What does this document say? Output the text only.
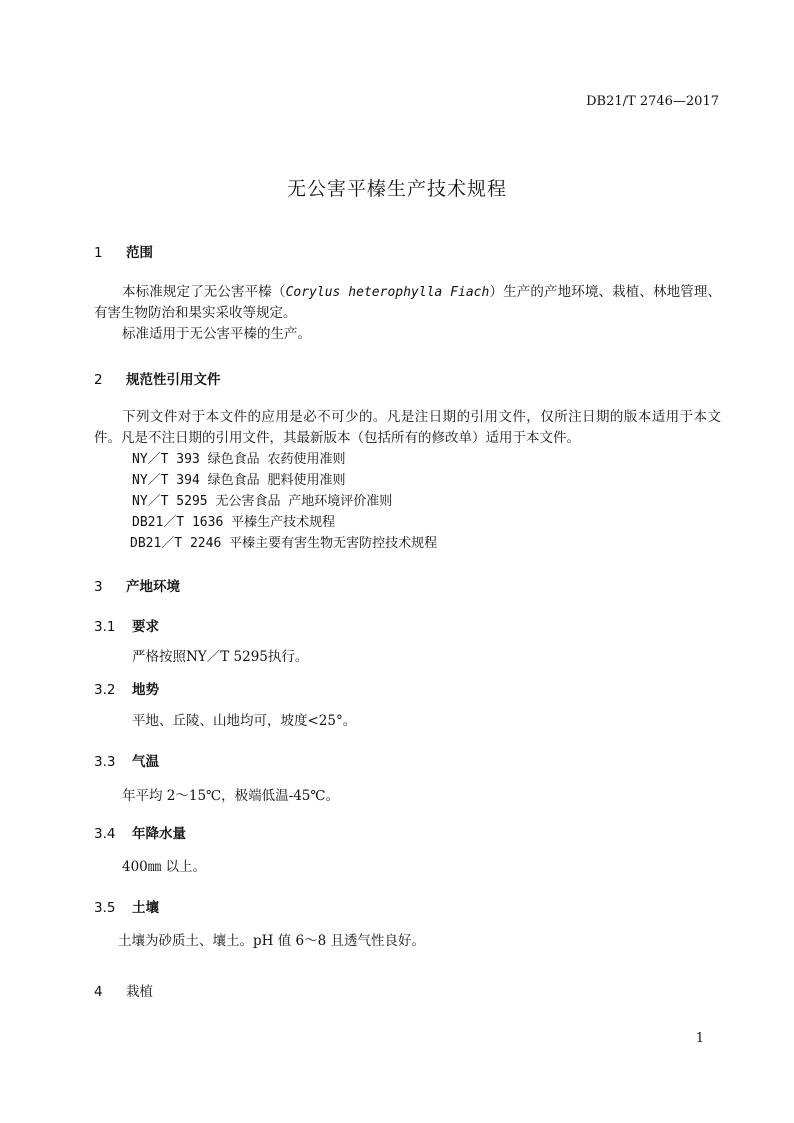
DB21/T 2746—2017
无公害平榛生产技术规程
1 范围
本标准规定了无公害平榛（Corylus heterophylla Fiach）生产的产地环境、栽植、林地管理、有害生物防治和果实采收等规定。
标准适用于无公害平榛的生产。
2 规范性引用文件
下列文件对于本文件的应用是必不可少的。凡是注日期的引用文件，仅所注日期的版本适用于本文件。凡是不注日期的引用文件，其最新版本（包括所有的修改单）适用于本文件。
NY／T 393 绿色食品 农药使用准则
NY／T 394 绿色食品 肥料使用准则
NY／T 5295 无公害食品 产地环境评价准则
DB21／T 1636 平榛生产技术规程
DB21／T 2246 平榛主要有害生物无害防控技术规程
3 产地环境
3.1 要求
严格按照NY／T 5295执行。
3.2 地势
平地、丘陵、山地均可，坡度<25°。
3.3 气温
年平均 2～15℃，极端低温-45℃。
3.4 年降水量
400㎜ 以上。
3.5 土壤
土壤为砂质土、壤土。pH 值 6～8 且透气性良好。
4 栽植
1
